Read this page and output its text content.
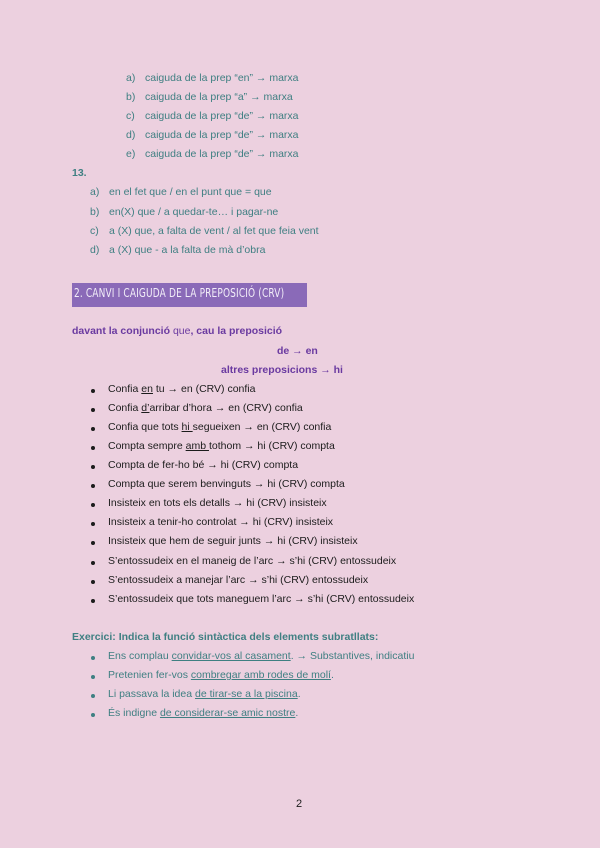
a) caiguda de la prep “en” → marxa
b) caiguda de la prep “a” → marxa
c) caiguda de la prep “de” → marxa
d) caiguda de la prep “de” → marxa
e) caiguda de la prep “de” → marxa
13.
a) en el fet que / en el punt que = que
b) en(X) que / a quedar-te… i pagar-ne
c) a (X) que, a falta de vent / al fet que feia vent
d) a (X) que - a la falta de mà d’obra
2. CANVI I CAIGUDA DE LA PREPOSICIÓ (CRV)
davant la conjunció que, cau la preposició
de → en
altres preposicions → hi
Confia en tu → en (CRV) confia
Confia d’arribar d’hora → en (CRV) confia
Confia que tots hi segueixen → en (CRV) confia
Compta sempre amb tothom → hi (CRV) compta
Compta de fer-ho bé → hi (CRV) compta
Compta que serem benvinguts → hi (CRV) compta
Insisteix en tots els detalls → hi (CRV) insisteix
Insisteix a tenir-ho controlat → hi (CRV) insisteix
Insisteix que hem de seguir junts → hi (CRV) insisteix
S’entossudeix en el maneig de l’arc → s’hi (CRV) entossudeix
S’entossudeix a manejar l’arc → s’hi (CRV) entossudeix
S’entossudeix que tots maneguem l’arc → s’hi (CRV) entossudeix
Exercici: Indica la funció sintàctica dels elements subratllats:
Ens complau convidar-vos al casament. → Substantives, indicatiu
Pretenien fer-vos combregar amb rodes de molí.
Li passava la idea de tirar-se a la piscina.
És indigne de considerar-se amic nostre.
2
